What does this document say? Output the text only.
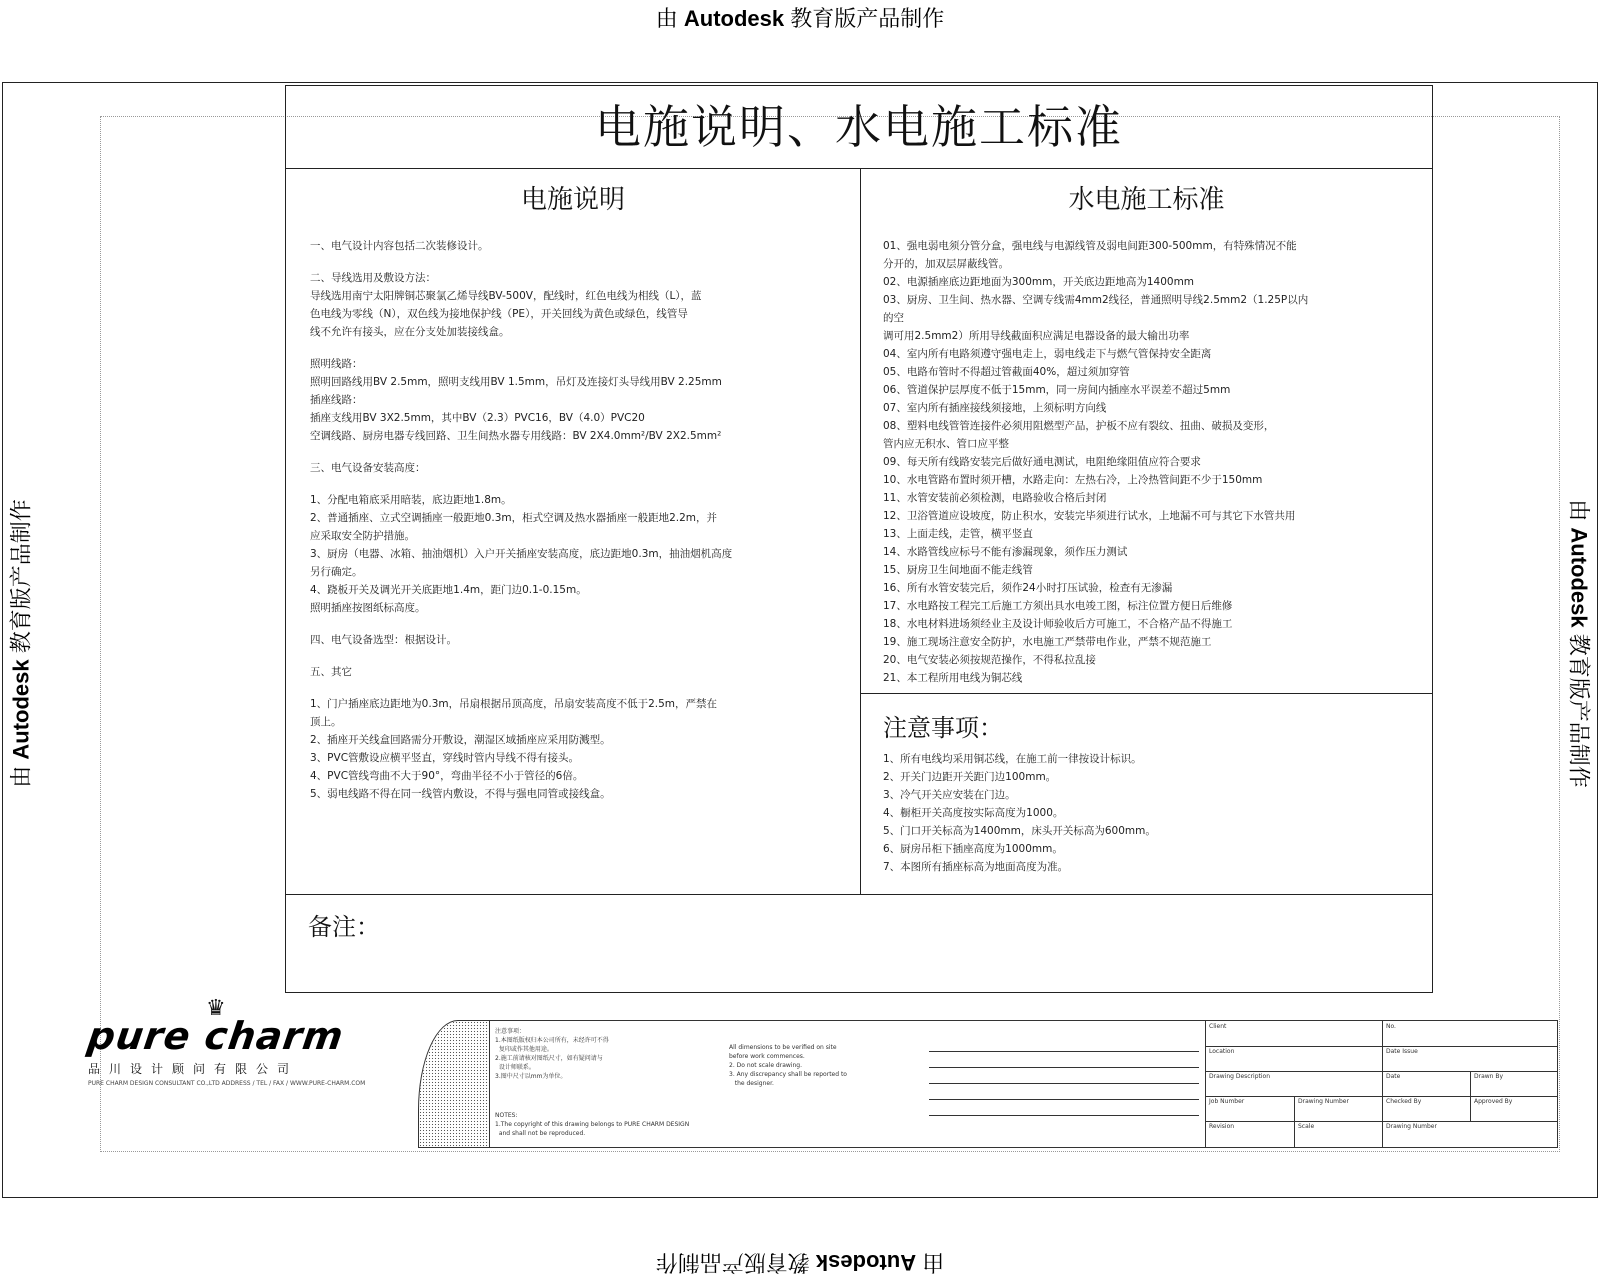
由 Autodesk 教育版产品制作
由 Autodesk 教育版产品制作
由 Autodesk 教育版产品制作	由 Autodesk 教育版产品制作
电施说明、水电施工标准
电施说明
一、电气设计内容包括二次装修设计。
二、导线选用及敷设方法：
导线选用南宁太阳牌铜芯聚氯乙烯导线BV-500V，配线时，红色电线为相线（L），蓝
色电线为零线（N），双色线为接地保护线（PE），开关回线为黄色或绿色，线管导
线不允许有接头，应在分支处加装接线盒。
照明线路：
照明回路线用BV 2.5mm，照明支线用BV 1.5mm，吊灯及连接灯头导线用BV 2.25mm
插座线路：
插座支线用BV 3X2.5mm，其中BV（2.3）PVC16，BV（4.0）PVC20
空调线路、厨房电器专线回路、卫生间热水器专用线路：BV 2X4.0mm²/BV 2X2.5mm²
三、电气设备安装高度：
1、分配电箱底采用暗装，底边距地1.8m。
2、普通插座、立式空调插座一般距地0.3m，柜式空调及热水器插座一般距地2.2m，并
应采取安全防护措施。
3、厨房（电器、冰箱、抽油烟机）入户开关插座安装高度，底边距地0.3m，抽油烟机高度
另行确定。
4、跷板开关及调光开关底距地1.4m，距门边0.1-0.15m。
照明插座按图纸标高度。
四、电气设备选型：根据设计。
五、其它
1、门户插座底边距地为0.3m，吊扇根据吊顶高度，吊扇安装高度不低于2.5m，严禁在
顶上。
2、插座开关线盒回路需分开敷设，潮湿区域插座应采用防溅型。
3、PVC管敷设应横平竖直，穿线时管内导线不得有接头。
4、PVC管线弯曲不大于90°，弯曲半径不小于管径的6倍。
5、弱电线路不得在同一线管内敷设，不得与强电同管或接线盒。
水电施工标准
01、强电弱电须分管分盒，强电线与电源线管及弱电间距300-500mm，有特殊情况不能
分开的，加双层屏蔽线管。
02、电源插座底边距地面为300mm，开关底边距地高为1400mm
03、厨房、卫生间、热水器、空调专线需4mm2线径，普通照明导线2.5mm2（1.25P以内的空
调可用2.5mm2）所用导线截面积应满足电器设备的最大输出功率
04、室内所有电路须遵守强电走上，弱电线走下与燃气管保持安全距离
05、电路布管时不得超过管截面40%，超过须加穿管
06、管道保护层厚度不低于15mm，同一房间内插座水平误差不超过5mm
07、室内所有插座接线须接地，上须标明方向线
08、塑料电线管管连接件必须用阻燃型产品，护板不应有裂纹、扭曲、破损及变形，
管内应无积水、管口应平整
09、每天所有线路安装完后做好通电测试，电阻绝缘阻值应符合要求
10、水电管路布置时须开槽，水路走向：左热右冷，上冷热管间距不少于150mm
11、水管安装前必须检测，电路验收合格后封闭
12、卫浴管道应设坡度，防止积水，安装完毕须进行试水，上地漏不可与其它下水管共用
13、上面走线，走管，横平竖直
14、水路管线应标号不能有渗漏现象，须作压力测试
15、厨房卫生间地面不能走线管
16、所有水管安装完后，须作24小时打压试验，检查有无渗漏
17、水电路按工程完工后施工方须出具水电竣工图，标注位置方便日后维修
18、水电材料进场须经业主及设计师验收后方可施工，不合格产品不得施工
19、施工现场注意安全防护，水电施工严禁带电作业，严禁不规范施工
20、电气安装必须按规范操作，不得私拉乱接
21、本工程所用电线为铜芯线
注意事项：
1、所有电线均采用铜芯线，在施工前一律按设计标识。
2、开关门边距开关距门边100mm。
3、冷气开关应安装在门边。
4、橱柜开关高度按实际高度为1000。
5、门口开关标高为1400mm，床头开关标高为600mm。
6、厨房吊柜下插座高度为1000mm。
7、本图所有插座标高为地面高度为准。
备注：
♛
pure charm
品川设计顾问有限公司
PURE CHARM DESIGN CONSULTANT CO.,LTD ADDRESS / TEL / FAX / WWW.PURE-CHARM.COM
注意事项：
1.本图纸版权归本公司所有，未经许可不得
复印或作其他用途。
2.施工前请核对图纸尺寸，如有疑问请与
设计师联系。
3.图中尺寸以mm为单位。
NOTES:
1.The copyright of this drawing belongs to PURE CHARM DESIGN
and shall not be reproduced.
All dimensions to be verified on site
before work commences.
2. Do not scale drawing.
3. Any discrepancy shall be reported to
the designer.
Client	No.
Location	Date Issue
Drawing Description	Date	Drawn By
Job Number	Drawing Number	Checked By	Approved By
Revision	Scale	Drawing Number
